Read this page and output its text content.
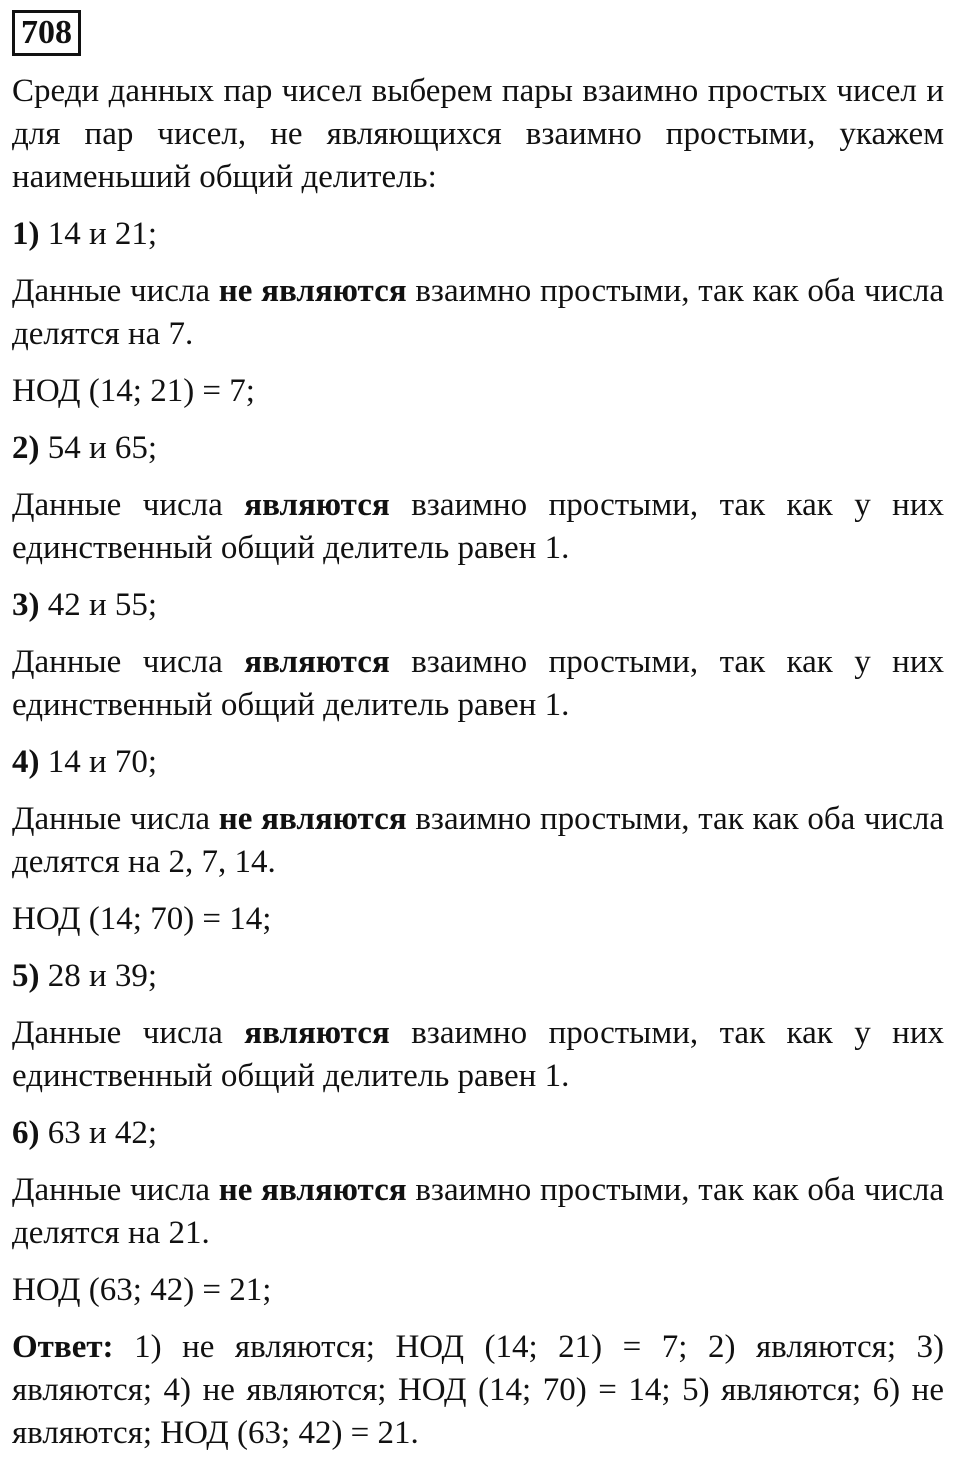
708

Среди данных пар чисел выберем пары взаимно простых чисел и для пар чисел, не являющихся взаимно простыми, укажем наименьший общий делитель:

1) 14 и 21;

Данные числа не являются взаимно простыми, так как оба числа делятся на 7.

НОД (14; 21) = 7;

2) 54 и 65;

Данные числа являются взаимно простыми, так как у них единственный общий делитель равен 1.

3) 42 и 55;

Данные числа являются взаимно простыми, так как у них единственный общий делитель равен 1.

4) 14 и 70;

Данные числа не являются взаимно простыми, так как оба числа делятся на 2, 7, 14.

НОД (14; 70) = 14;

5) 28 и 39;

Данные числа являются взаимно простыми, так как у них единственный общий делитель равен 1.

6) 63 и 42;

Данные числа не являются взаимно простыми, так как оба числа делятся на 21.

НОД (63; 42) = 21;

Ответ: 1) не являются; НОД (14; 21) = 7; 2) являются; 3) являются; 4) не являются; НОД (14; 70) = 14; 5) являются; 6) не являются; НОД (63; 42) = 21.
